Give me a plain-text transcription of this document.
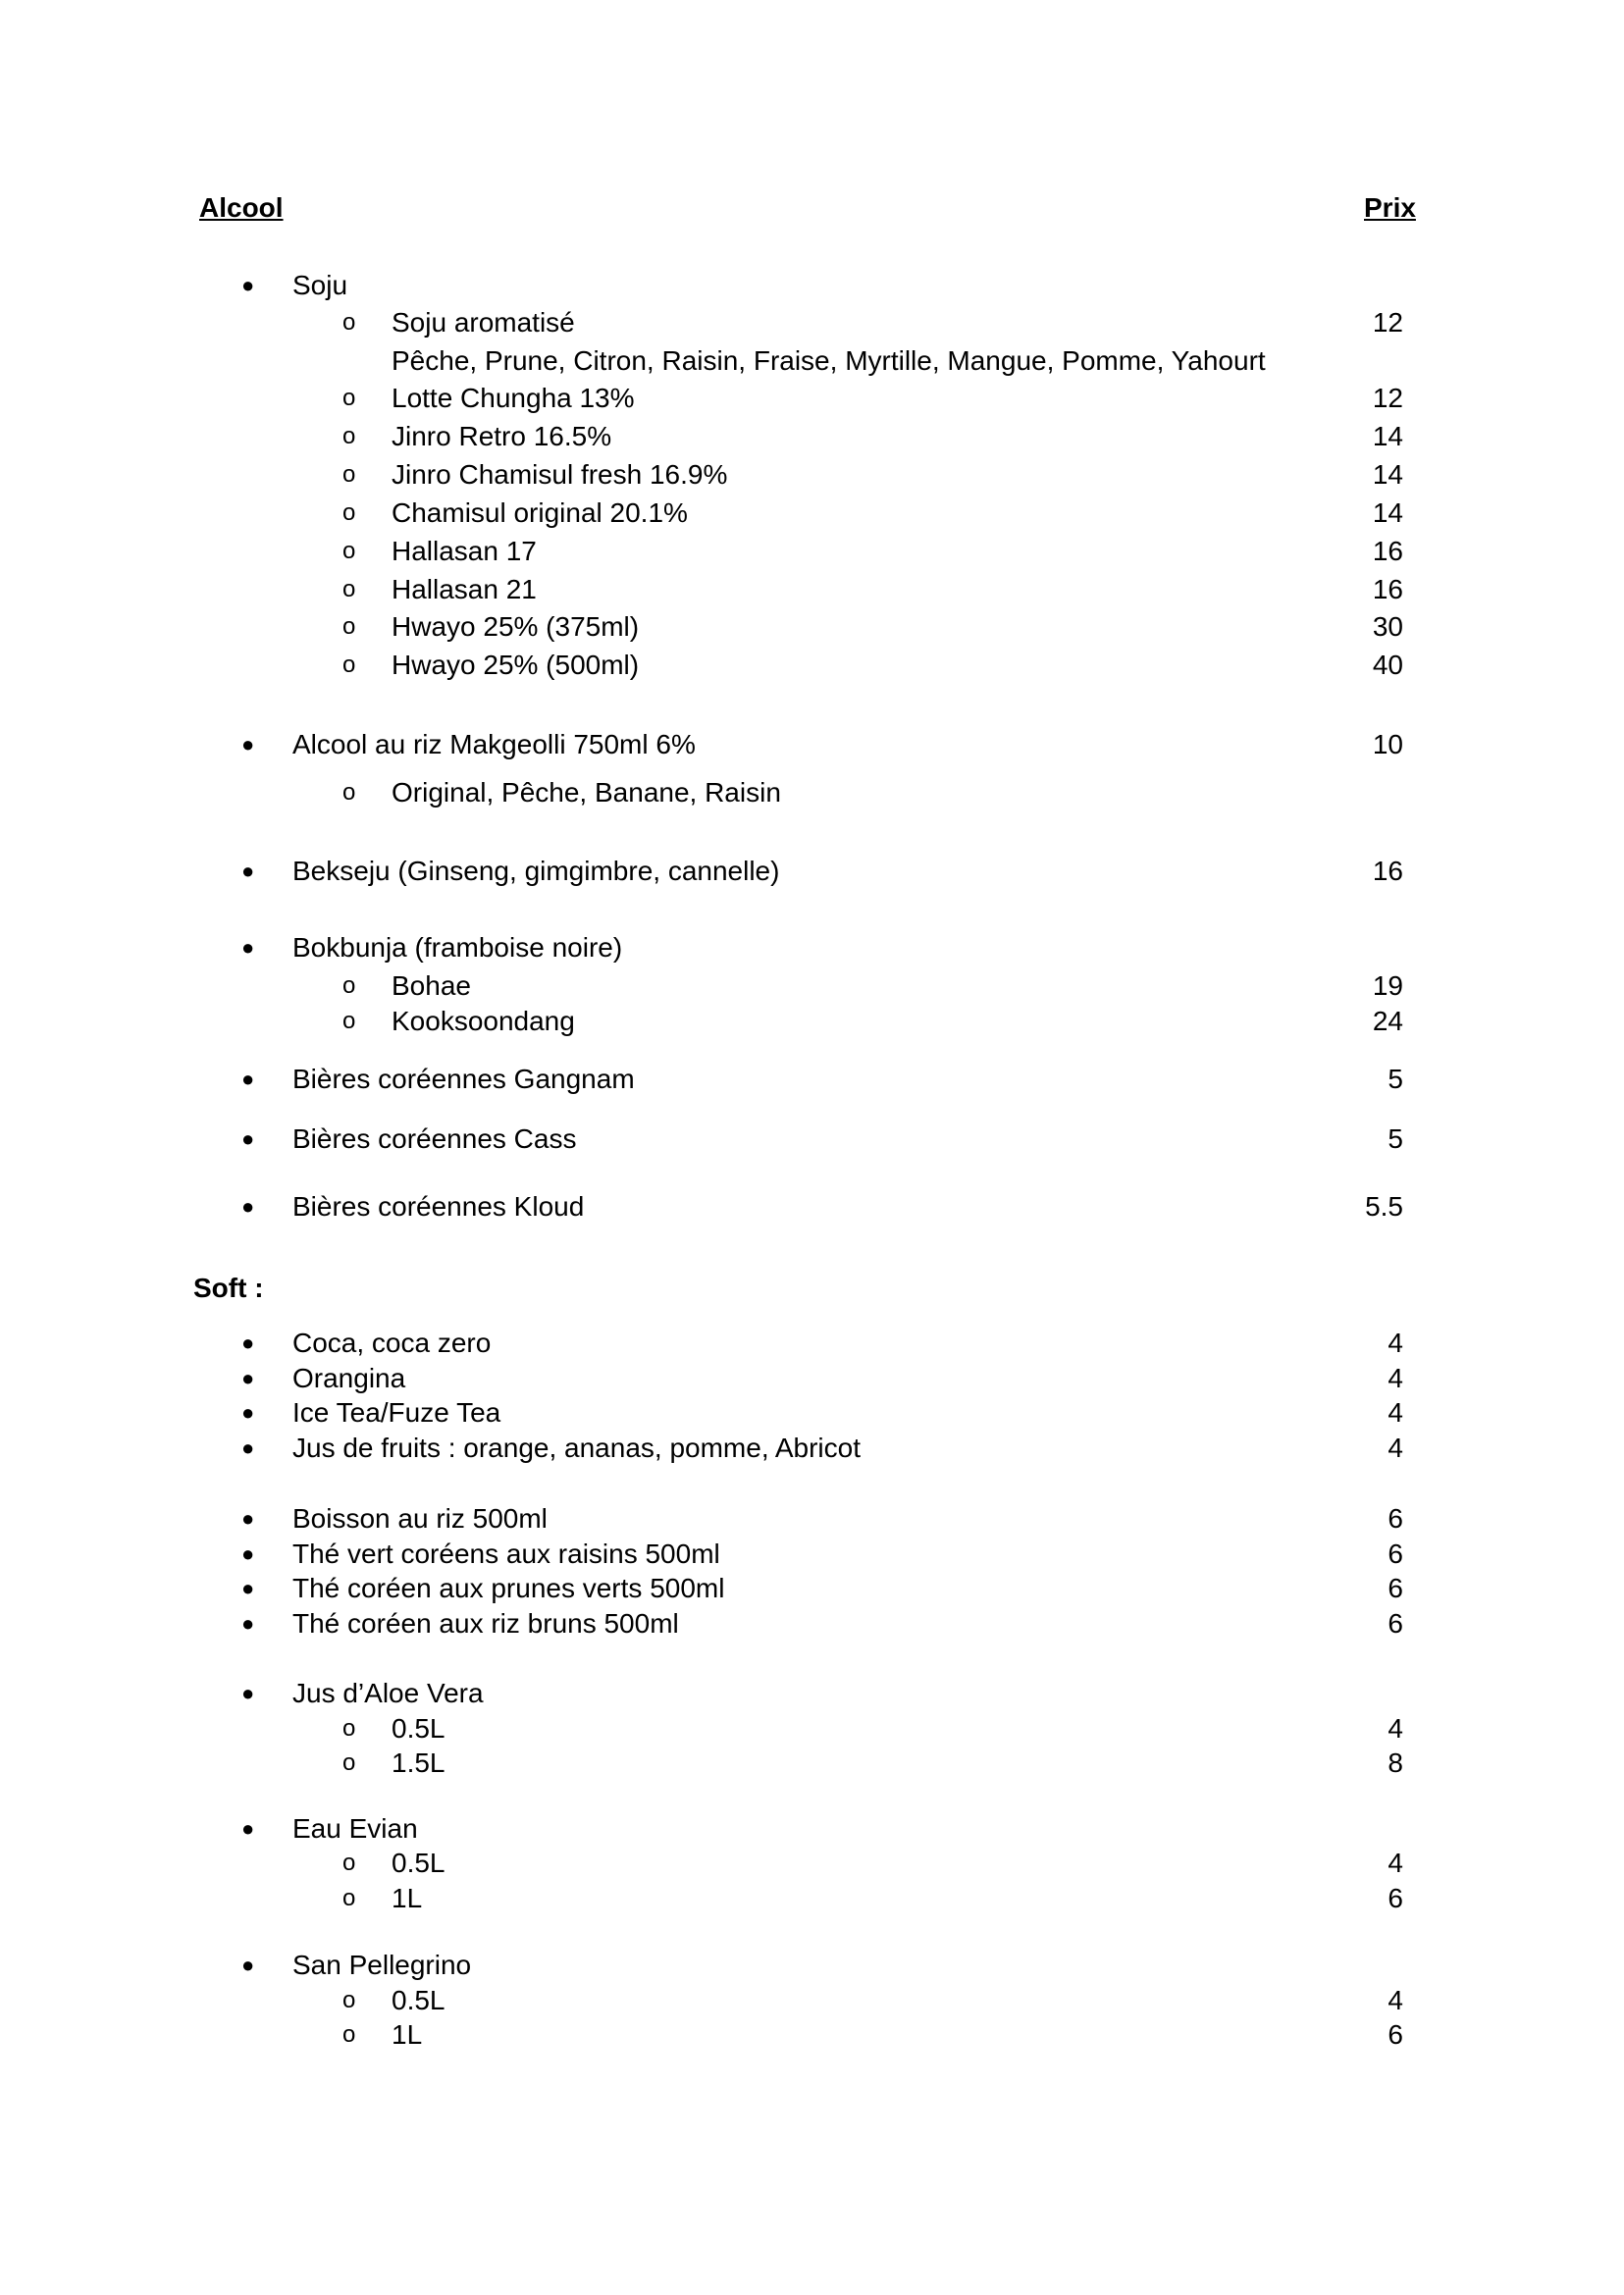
Alcool	Prix
Soft :
● Soju
o Soju aromatisé	12
Pêche, Prune, Citron, Raisin, Fraise, Myrtille, Mangue, Pomme, Yahourt
o Lotte Chungha 13%	12
o Jinro Retro 16.5%	14
o Jinro Chamisul fresh 16.9%	14
o Chamisul original 20.1%	14
o Hallasan 17	16
o Hallasan 21	16
o Hwayo 25% (375ml)	30
o Hwayo 25% (500ml)	40
● Alcool au riz Makgeolli 750ml 6%	10
o Original, Pêche, Banane, Raisin
● Bekseju (Ginseng, gimgimbre, cannelle)	16
● Bokbunja (framboise noire)
o Bohae	19
o Kooksoondang	24
● Bières coréennes Gangnam	5
● Bières coréennes Cass	5
● Bières coréennes Kloud	5.5
● Coca, coca zero	4
● Orangina	4
● Ice Tea/Fuze Tea	4
● Jus de fruits : orange, ananas, pomme, Abricot	4
● Boisson au riz 500ml	6
● Thé vert coréens aux raisins 500ml	6
● Thé coréen aux prunes verts 500ml	6
● Thé coréen aux riz bruns 500ml	6
● Jus d’Aloe Vera
o 0.5L	4
o 1.5L	8
● Eau Evian
o 0.5L	4
o 1L	6
● San Pellegrino
o 0.5L	4
o 1L	6
